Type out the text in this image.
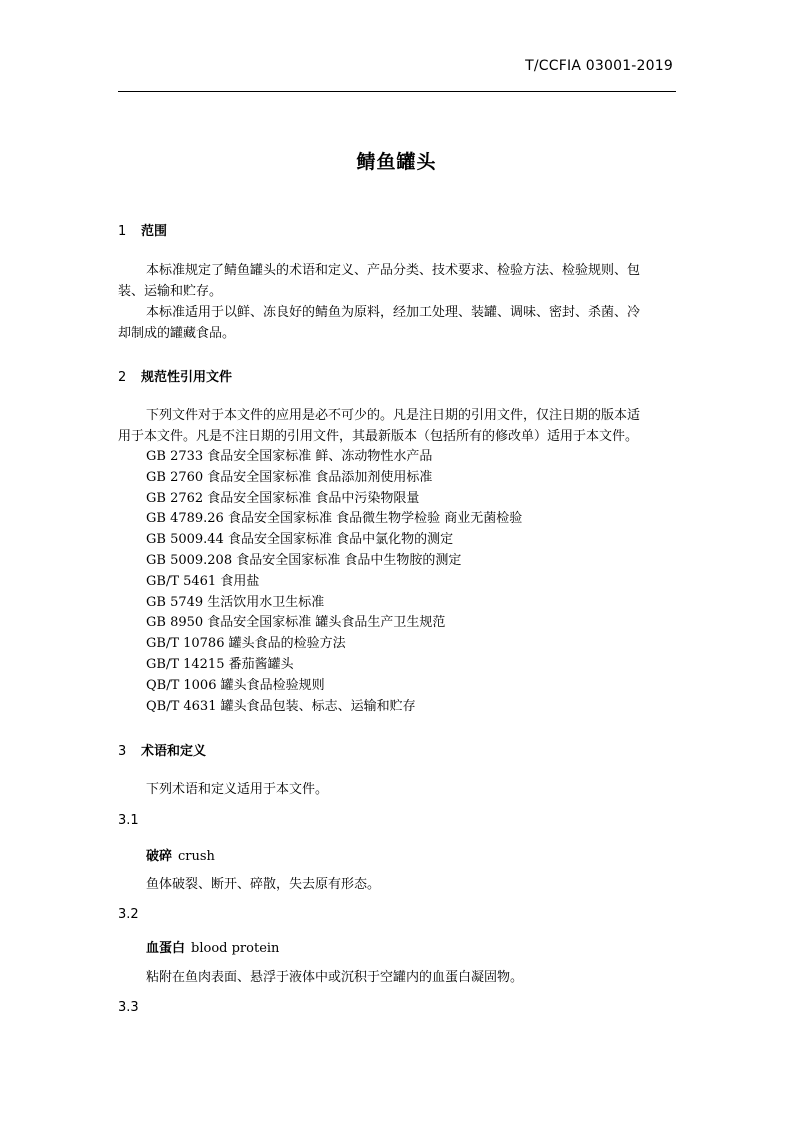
T/CCFIA 03001-2019
鲭鱼罐头
1 范围
本标准规定了鲭鱼罐头的术语和定义、产品分类、技术要求、检验方法、检验规则、包
装、运输和贮存。
本标准适用于以鲜、冻良好的鲭鱼为原料，经加工处理、装罐、调味、密封、杀菌、冷
却制成的罐藏食品。
2 规范性引用文件
下列文件对于本文件的应用是必不可少的。凡是注日期的引用文件，仅注日期的版本适
用于本文件。凡是不注日期的引用文件，其最新版本（包括所有的修改单）适用于本文件。
GB 2733 食品安全国家标准 鲜、冻动物性水产品
GB 2760 食品安全国家标准 食品添加剂使用标准
GB 2762 食品安全国家标准 食品中污染物限量
GB 4789.26 食品安全国家标准 食品微生物学检验 商业无菌检验
GB 5009.44 食品安全国家标准 食品中氯化物的测定
GB 5009.208 食品安全国家标准 食品中生物胺的测定
GB/T 5461 食用盐
GB 5749 生活饮用水卫生标准
GB 8950 食品安全国家标准 罐头食品生产卫生规范
GB/T 10786 罐头食品的检验方法
GB/T 14215 番茄酱罐头
QB/T 1006 罐头食品检验规则
QB/T 4631 罐头食品包装、标志、运输和贮存
3 术语和定义
下列术语和定义适用于本文件。
3.1
破碎 crush
鱼体破裂、断开、碎散，失去原有形态。
3.2
血蛋白 blood protein
粘附在鱼肉表面、悬浮于液体中或沉积于空罐内的血蛋白凝固物。
3.3
